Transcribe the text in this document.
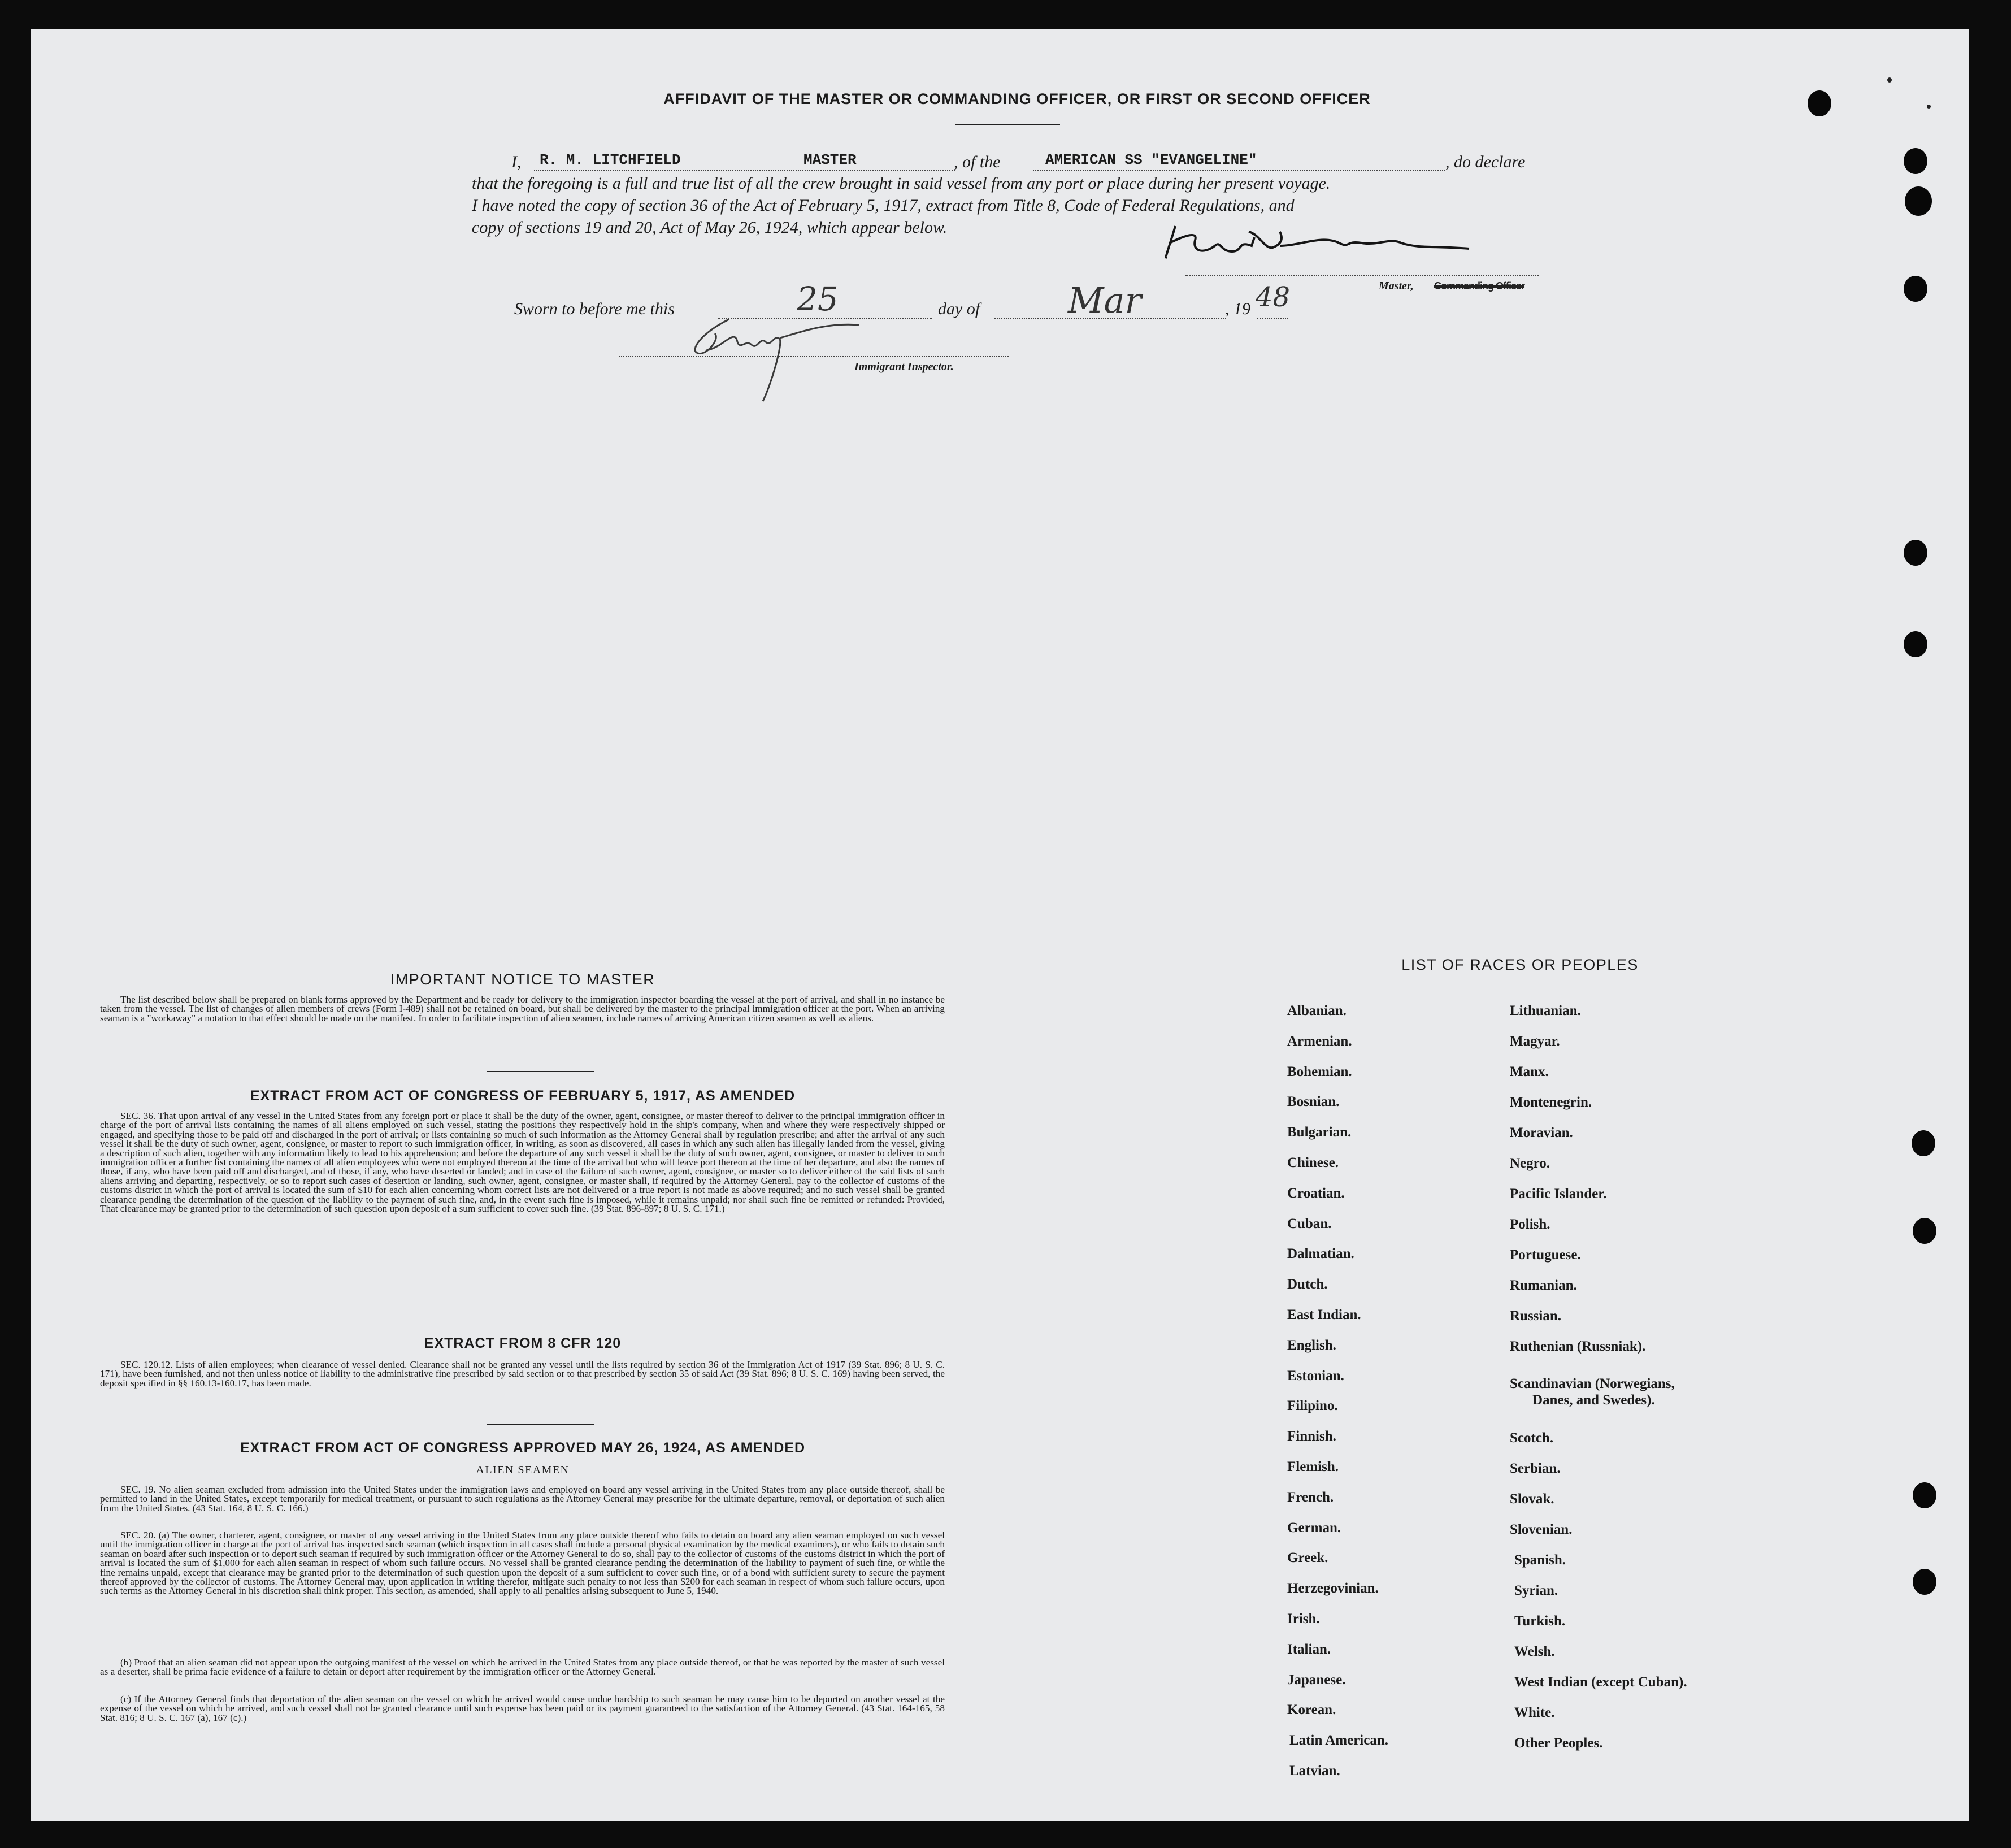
AFFIDAVIT OF THE MASTER OR COMMANDING OFFICER, OR FIRST OR SECOND OFFICER
I, R. M. LITCHFIELD	MASTER	, of the	AMERICAN SS "EVANGELINE"	, do declare
that the foregoing is a full and true list of all the crew brought in said vessel from any port or place during her present voyage.
I have noted the copy of section 36 of the Act of February 5, 1917, extract from Title 8, Code of Federal Regulations, and
copy of sections 19 and 20, Act of May 26, 1924, which appear below.
Master, Commanding Officer
Sworn to before me this	25	day of	Mar	, 19 48
Immigrant Inspector.
IMPORTANT NOTICE TO MASTER

The list described below shall be prepared on blank forms approved by the Department and be ready for delivery to the immigration inspector boarding the vessel at the port of arrival, and shall in no instance be taken from the vessel. The list of changes of alien members of crews (Form I-489) shall not be retained on board, but shall be delivered by the master to the principal immigration officer at the port. When an arriving seaman is a "workaway" a notation to that effect should be made on the manifest. In order to facilitate inspection of alien seamen, include names of arriving American citizen seamen as well as aliens.

EXTRACT FROM ACT OF CONGRESS OF FEBRUARY 5, 1917, AS AMENDED

SEC. 36. That upon arrival of any vessel in the United States from any foreign port or place it shall be the duty of the owner, agent, consignee, or master thereof to deliver to the principal immigration officer in charge of the port of arrival lists containing the names of all aliens employed on such vessel, stating the positions they respectively hold in the ship's company, when and where they were respectively shipped or engaged, and specifying those to be paid off and discharged in the port of arrival; or lists containing so much of such information as the Attorney General shall by regulation prescribe; and after the arrival of any such vessel it shall be the duty of such owner, agent, consignee, or master to report to such immigration officer, in writing, as soon as discovered, all cases in which any such alien has illegally landed from the vessel, giving a description of such alien, together with any information likely to lead to his apprehension; and before the departure of any such vessel it shall be the duty of such owner, agent, consignee, or master to deliver to such immigration officer a further list containing the names of all alien employees who were not employed thereon at the time of the arrival but who will leave port thereon at the time of her departure, and also the names of those, if any, who have been paid off and discharged, and of those, if any, who have deserted or landed; and in case of the failure of such owner, agent, consignee, or master so to deliver either of the said lists of such aliens arriving and departing, respectively, or so to report such cases of desertion or landing, such owner, agent, consignee, or master shall, if required by the Attorney General, pay to the collector of customs of the customs district in which the port of arrival is located the sum of $10 for each alien concerning whom correct lists are not delivered or a true report is not made as above required; and no such vessel shall be granted clearance pending the determination of the question of the liability to the payment of such fine, and, in the event such fine is imposed, while it remains unpaid; nor shall such fine be remitted or refunded: Provided, That clearance may be granted prior to the determination of such question upon deposit of a sum sufficient to cover such fine. (39 Stat. 896-897; 8 U. S. C. 171.)

EXTRACT FROM 8 CFR 120

SEC. 120.12. Lists of alien employees; when clearance of vessel denied. Clearance shall not be granted any vessel until the lists required by section 36 of the Immigration Act of 1917 (39 Stat. 896; 8 U. S. C. 171), have been furnished, and not then unless notice of liability to the administrative fine prescribed by said section or to that prescribed by section 35 of said Act (39 Stat. 896; 8 U. S. C. 169) having been served, the deposit specified in §§ 160.13-160.17, has been made.

EXTRACT FROM ACT OF CONGRESS APPROVED MAY 26, 1924, AS AMENDED
ALIEN SEAMEN

SEC. 19. No alien seaman excluded from admission into the United States under the immigration laws and employed on board any vessel arriving in the United States from any place outside thereof, shall be permitted to land in the United States, except temporarily for medical treatment, or pursuant to such regulations as the Attorney General may prescribe for the ultimate departure, removal, or deportation of such alien from the United States. (43 Stat. 164, 8 U. S. C. 166.)

SEC. 20. (a) The owner, charterer, agent, consignee, or master of any vessel arriving in the United States from any place outside thereof who fails to detain on board any alien seaman employed on such vessel until the immigration officer in charge at the port of arrival has inspected such seaman (which inspection in all cases shall include a personal physical examination by the medical examiners), or who fails to detain such seaman on board after such inspection or to deport such seaman if required by such immigration officer or the Attorney General to do so, shall pay to the collector of customs of the customs district in which the port of arrival is located the sum of $1,000 for each alien seaman in respect of whom such failure occurs. No vessel shall be granted clearance pending the determination of the liability to payment of such fine, or while the fine remains unpaid, except that clearance may be granted prior to the determination of such question upon the deposit of a sum sufficient to cover such fine, or of a bond with sufficient surety to secure the payment thereof approved by the collector of customs. The Attorney General may, upon application in writing therefor, mitigate such penalty to not less than $200 for each seaman in respect of whom such failure occurs, upon such terms as the Attorney General in his discretion shall think proper. This section, as amended, shall apply to all penalties arising subsequent to June 5, 1940.

(b) Proof that an alien seaman did not appear upon the outgoing manifest of the vessel on which he arrived in the United States from any place outside thereof, or that he was reported by the master of such vessel as a deserter, shall be prima facie evidence of a failure to detain or deport after requirement by the immigration officer or the Attorney General.

(c) If the Attorney General finds that deportation of the alien seaman on the vessel on which he arrived would cause undue hardship to such seaman he may cause him to be deported on another vessel at the expense of the vessel on which he arrived, and such vessel shall not be granted clearance until such expense has been paid or its payment guaranteed to the satisfaction of the Attorney General. (43 Stat. 164-165, 58 Stat. 816; 8 U. S. C. 167 (a), 167 (c).)

LIST OF RACES OR PEOPLES
Albanian.
Armenian.
Bohemian.
Bosnian.
Bulgarian.
Chinese.
Croatian.
Cuban.
Dalmatian.
Dutch.
East Indian.
English.
Estonian.
Filipino.
Finnish.
Flemish.
French.
German.
Greek.
Herzegovinian.
Irish.
Italian.
Japanese.
Korean.
Latin American.
Latvian.
Lithuanian.
Magyar.
Manx.
Montenegrin.
Moravian.
Negro.
Pacific Islander.
Polish.
Portuguese.
Rumanian.
Russian.
Ruthenian (Russniak).
Scandinavian (Norwegians,
Danes, and Swedes).
Scotch.
Serbian.
Slovak.
Slovenian.
Spanish.
Syrian.
Turkish.
Welsh.
West Indian (except Cuban).
White.
Other Peoples.
